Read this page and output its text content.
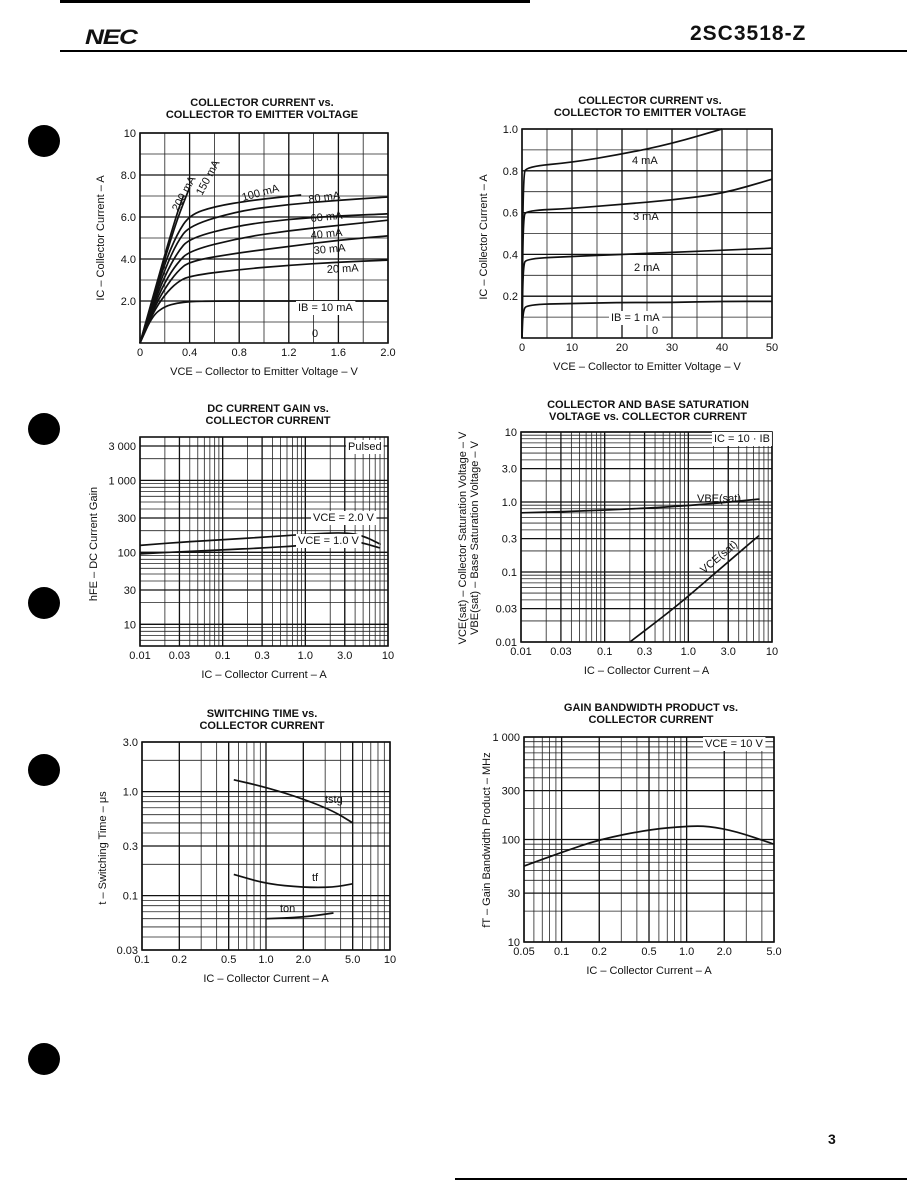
NEC	2SC3518-Z
COLLECTOR CURRENT vs.
COLLECTOR TO EMITTER VOLTAGE
0	0.4	0.8	1.2	1.6	2.0
2.0
4.0
6.0
8.0
10
VCE – Collector to Emitter Voltage – V
IC – Collector Current – A	200 mA
150 mA 100 mA 80 mA
60 mA
40 mA
30 mA
20 mA
IB = 10 mA
0
COLLECTOR CURRENT vs.
COLLECTOR TO EMITTER VOLTAGE
0	10	20	30	40	50
0.2
0.4
0.6
0.8
1.0
VCE – Collector to Emitter Voltage – V
IC – Collector Current – A
4 mA
3 mA
2 mA
IB = 1 mA
0
DC CURRENT GAIN vs.
COLLECTOR CURRENT
0.01 0.03 0.1 0.3	1.0 3.0	10
10
30
100
300
1 000
3 000
IC – Collector Current – A
hFE – DC Current Gain
Pulsed
VCE = 2.0 V
VCE = 1.0 V
COLLECTOR AND BASE SATURATION
VOLTAGE vs. COLLECTOR CURRENT
0.01 0.03 0.1 0.3	1.0 3.0	10
0.01
0.03
0.1
0.3
1.0
3.0
10
IC – Collector Current – A
VCE(sat) – Collector Saturation Voltage – V VBE(sat) – Base Saturation Voltage – V
IC = 10 · IB
VBE(sat)
VCE(sat)
SWITCHING TIME vs.
COLLECTOR CURRENT
0.1 0.2	0.5 1.0 2.0	5.0 10
0.03
0.1
0.3
1.0
3.0
IC – Collector Current – A
t – Switching Time – μs	tstg
tf
ton
GAIN BANDWIDTH PRODUCT vs.
COLLECTOR CURRENT
0.05 0.1 0.2	0.5 1.0 2.0	5.0
10
30
100
300
1 000
IC – Collector Current – A
fT – Gain Bandwidth Product – MHz
VCE = 10 V
3
